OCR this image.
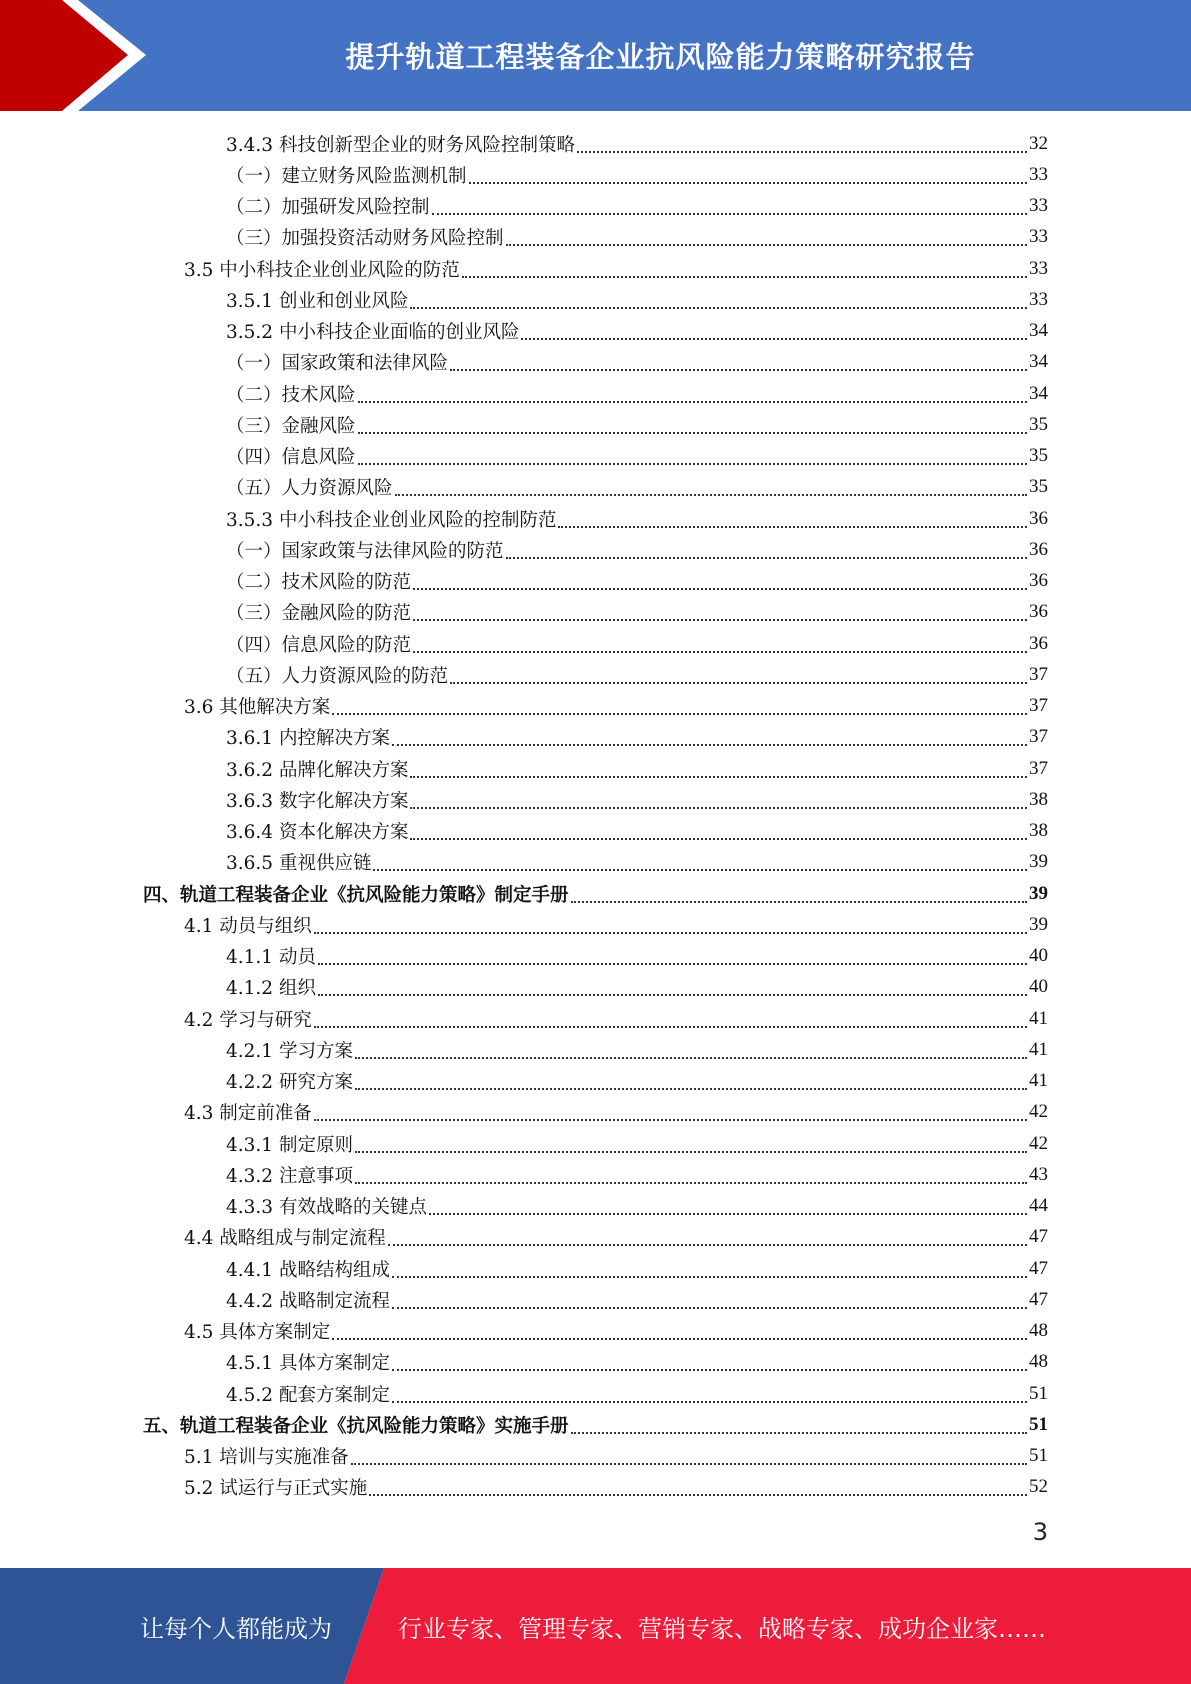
提升轨道工程装备企业抗风险能力策略研究报告
3.4.3 科技创新型企业的财务风险控制策略	32
（一）建立财务风险监测机制	33
（二）加强研发风险控制	33
（三）加强投资活动财务风险控制	33
3.5 中小科技企业创业风险的防范	33
3.5.1 创业和创业风险	33
3.5.2 中小科技企业面临的创业风险	34
（一）国家政策和法律风险	34
（二）技术风险	34
（三）金融风险	35
（四）信息风险	35
（五）人力资源风险	35
3.5.3 中小科技企业创业风险的控制防范	36
（一）国家政策与法律风险的防范	36
（二）技术风险的防范	36
（三）金融风险的防范	36
（四）信息风险的防范	36
（五）人力资源风险的防范	37
3.6 其他解决方案	37
3.6.1 内控解决方案	37
3.6.2 品牌化解决方案	37
3.6.3 数字化解决方案	38
3.6.4 资本化解决方案	38
3.6.5 重视供应链	39
四、轨道工程装备企业《抗风险能力策略》制定手册	39
4.1 动员与组织	39
4.1.1 动员	40
4.1.2 组织	40
4.2 学习与研究	41
4.2.1 学习方案	41
4.2.2 研究方案	41
4.3 制定前准备	42
4.3.1 制定原则	42
4.3.2 注意事项	43
4.3.3 有效战略的关键点	44
4.4 战略组成与制定流程	47
4.4.1 战略结构组成	47
4.4.2 战略制定流程	47
4.5 具体方案制定	48
4.5.1 具体方案制定	48
4.5.2 配套方案制定	51
五、轨道工程装备企业《抗风险能力策略》实施手册	51
5.1 培训与实施准备	51
5.2 试运行与正式实施	52
3
让每个人都能成为	行业专家、管理专家、营销专家、战略专家、成功企业家……
